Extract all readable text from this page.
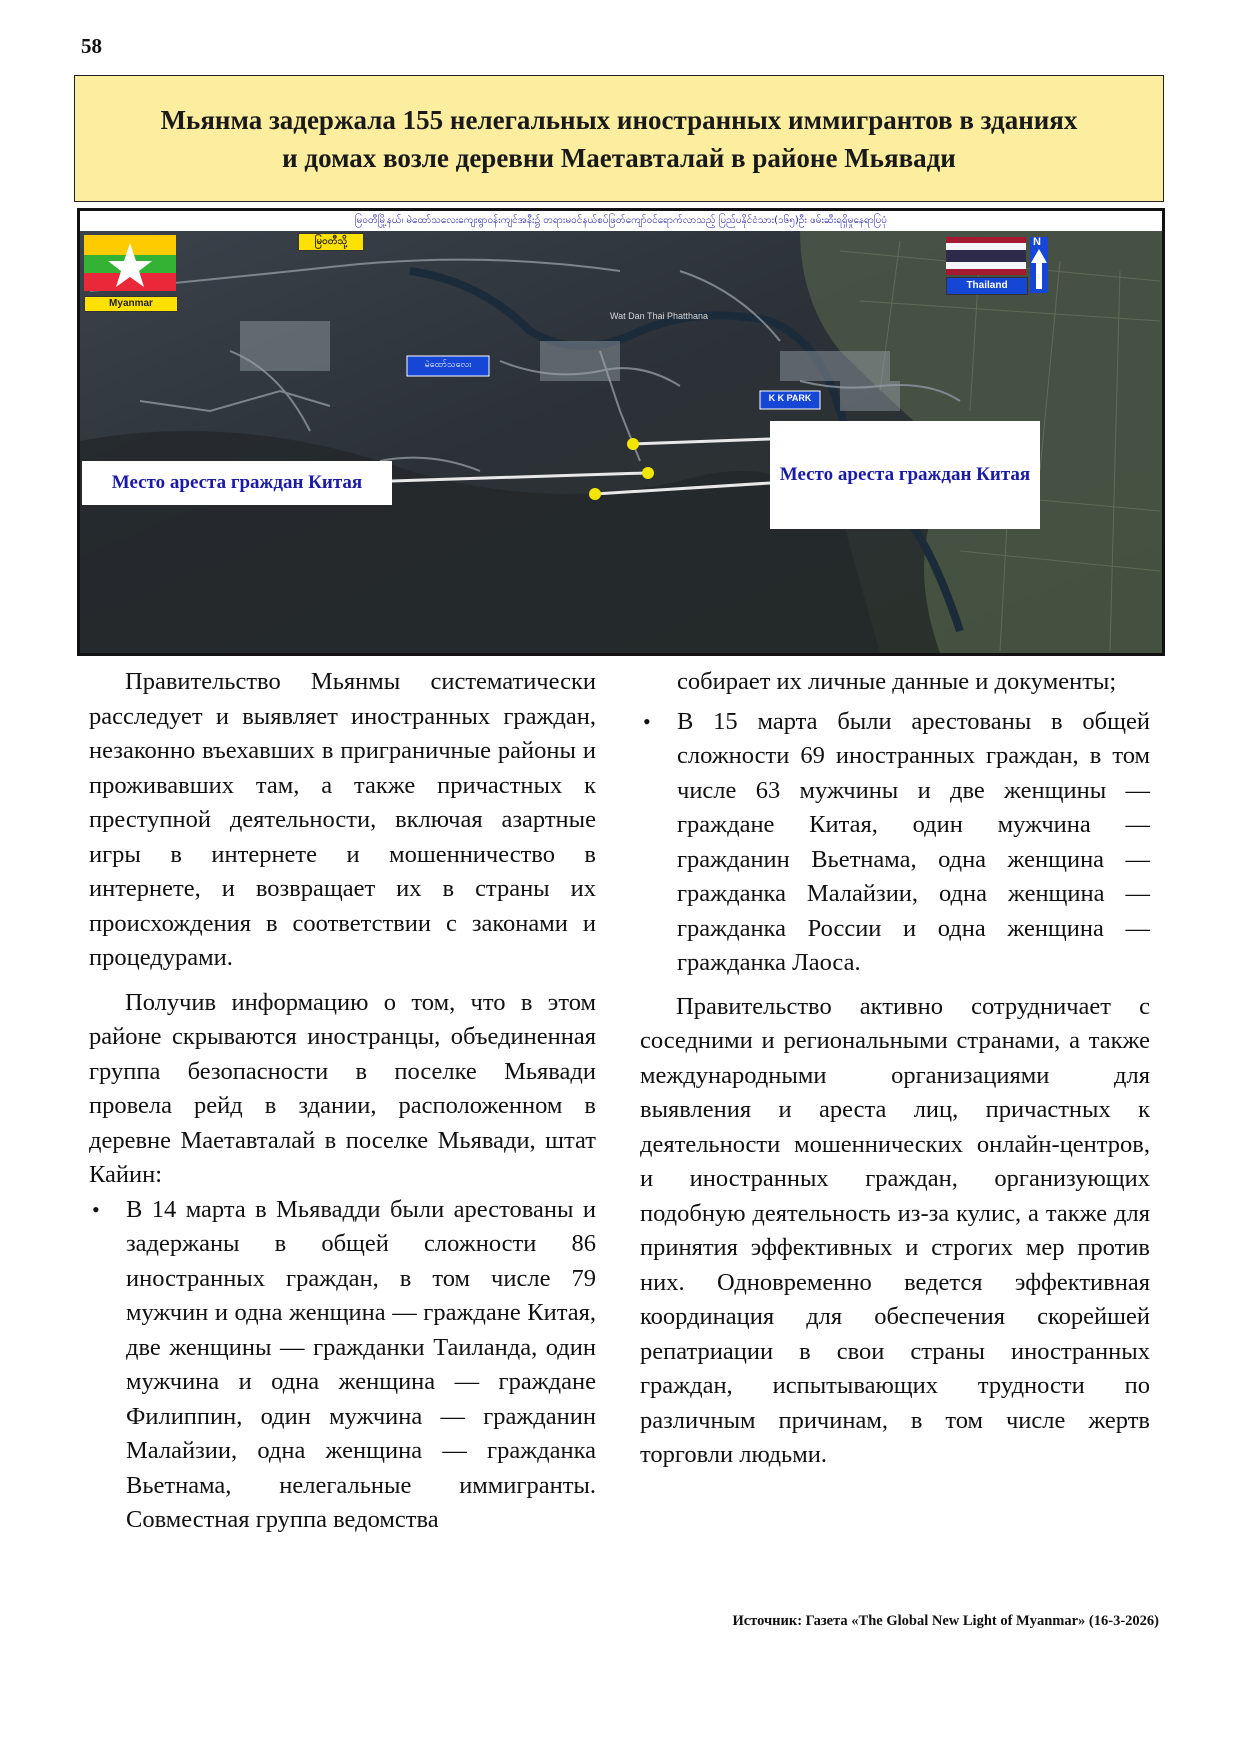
58
Мьянма задержала 155 нелегальных иностранных иммигрантов в зданиях
и домах возле деревни Маетавталай в районе Мьявади
မြဝတီမြို့နယ်၊ မဲထော်သလေးကျေးရွာဝန်းကျင်အနီး၌ တရားမဝင်နယ်စပ်ဖြတ်ကျော်ဝင်ရောက်လာသည့် ပြည်ပနိုင်ငံသား(၁၆၅)ဦး ဖမ်းဆီးရရှိမှုနေရာပြပုံ
မြဝတီသို့
Myanmar
Thailand
N
မဲထော်သလေး
K K PARK
Wat Dan Thai Phatthana
Место ареста граждан Китая	Место ареста граждан Китая

Правительство Мьянмы систематически расследует и выявляет иностранных граждан, незаконно въехавших в приграничные районы и проживавших там, а также причастных к преступной деятельности, включая азартные игры в интернете и мошенничество в интернете, и возвращает их в страны их происхождения в соответствии с законами и процедурами.

Получив информацию о том, что в этом районе скрываются иностранцы, объединенная группа безопасности в поселке Мьявади провела рейд в здании, расположенном в деревне Маетавталай в поселке Мьявади, штат Кайин:

• В 14 марта в Мьявадди были арестованы и задержаны в общей сложности 86 иностранных граждан, в том числе 79 мужчин и одна женщина — граждане Китая, две женщины — гражданки Таиланда, один мужчина и одна женщина — граждане Филиппин, один мужчина — гражданин Малайзии, одна женщина — гражданка Вьетнама, нелегальные иммигранты. Совместная группа ведомства

собирает их личные данные и документы;

• В 15 марта были арестованы в общей сложности 69 иностранных граждан, в том числе 63 мужчины и две женщины — граждане Китая, один мужчина — гражданин Вьетнама, одна женщина — гражданка Малайзии, одна женщина — гражданка России и одна женщина — гражданка Лаоса.

Правительство активно сотрудничает с соседними и региональными странами, а также международными организациями для выявления и ареста лиц, причастных к деятельности мошеннических онлайн-центров, и иностранных граждан, организующих подобную деятельность из-за кулис, а также для принятия эффективных и строгих мер против них. Одновременно ведется эффективная координация для обеспечения скорейшей репатриации в свои страны иностранных граждан, испытывающих трудности по различным причинам, в том числе жертв торговли людьми.

Источник: Газета «The Global New Light of Myanmar» (16-3-2026)
